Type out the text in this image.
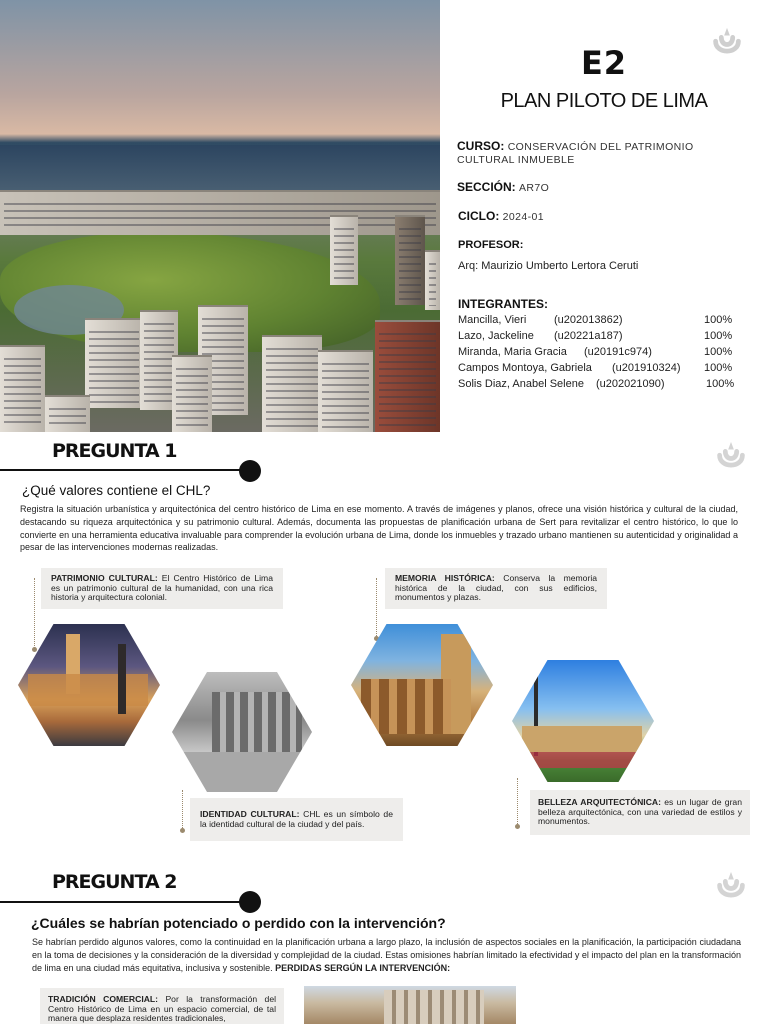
E2
PLAN PILOTO DE LIMA
CURSO: CONSERVACIÓN DEL PATRIMONIO
CULTURAL INMUEBLE
SECCIÓN: AR7O
CICLO: 2024-01
PROFESOR:
Arq: Maurizio Umberto Lertora Ceruti
INTEGRANTES:
Mancilla, Vieri	(u202013862)	100%
Lazo, Jackeline (u20221a187)	100%
Miranda, Maria Gracia (u20191c974)	100%
Campos Montoya, Gabriela (u201910324) 100%
Solis Diaz, Anabel Selene (u202021090)	100%
PREGUNTA 1
¿Qué valores contiene el CHL?
Registra la situación urbanística y arquitectónica del centro histórico de Lima en ese momento. A través de imágenes y planos, ofrece una visión histórica y cultural de la ciudad, destacando su riqueza arquitectónica y su patrimonio cultural. Además, documenta las propuestas de planificación urbana de Sert para revitalizar el centro histórico, lo que lo convierte en una herramienta educativa invaluable para comprender la evolución urbana de Lima, donde los inmuebles y trazado urbano mantienen su autenticidad y originalidad a pesar de las intervenciones modernas realizadas.
PATRIMONIO CULTURAL: El Centro Histórico de Lima es un patrimonio cultural de la humanidad, con una rica historia y arquitectura colonial.
MEMORIA HISTÓRICA: Conserva la memoria histórica de la ciudad, con sus edificios, monumentos y plazas.
IDENTIDAD CULTURAL: CHL es un símbolo de la identidad cultural de la ciudad y del país.
BELLEZA ARQUITECTÓNICA: es un lugar de gran belleza arquitectónica, con una variedad de estilos y monumentos.
PREGUNTA 2
¿Cuáles se habrían potenciado o perdido con la intervención?
Se habrían perdido algunos valores, como la continuidad en la planificación urbana a largo plazo, la inclusión de aspectos sociales en la planificación, la participación ciudadana en la toma de decisiones y la consideración de la diversidad y complejidad de la ciudad. Estas omisiones habrían limitado la efectividad y el impacto del plan en la transformación de lima en una ciudad más equitativa, inclusiva y sostenible. PERDIDAS SERGÚN LA INTERVENCIÓN:
TRADICIÓN COMERCIAL: Por la transformación del Centro Histórico de Lima en un espacio comercial, de tal manera que desplaza residentes tradicionales,
